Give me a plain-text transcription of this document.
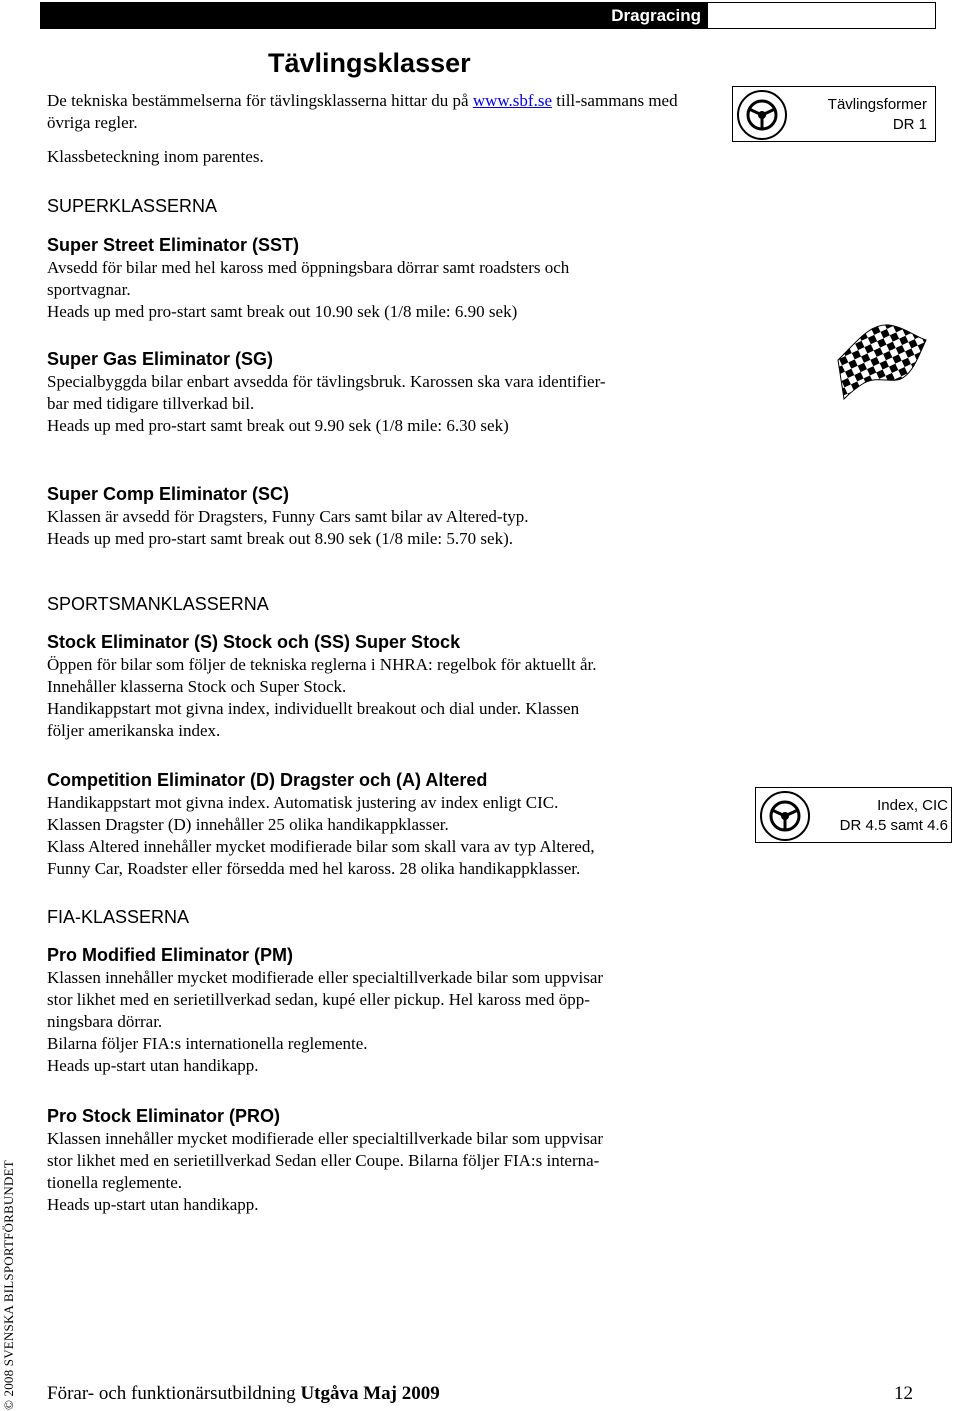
Dragracing
Tävlingsklasser
De tekniska bestämmelserna för tävlingsklasserna hittar du på www.sbf.se till-sammans med övriga regler.
Klassbeteckning inom parentes.
Tävlingsformer
DR 1
SUPERKLASSERNA
Super Street Eliminator (SST)

Avsedd för bilar med hel kaross med öppningsbara dörrar samt roadsters och

sportvagnar.

Heads up med pro-start samt break out 10.90 sek (1/8 mile: 6.90 sek)

Super Gas Eliminator (SG)

Specialbyggda bilar enbart avsedda för tävlingsbruk. Karossen ska vara identifier-

bar med tidigare tillverkad bil.

Heads up med pro-start samt break out 9.90 sek (1/8 mile: 6.30 sek)

Super Comp Eliminator (SC)

Klassen är avsedd för Dragsters, Funny Cars samt bilar av Altered-typ.

Heads up med pro-start samt break out 8.90 sek (1/8 mile: 5.70 sek).

SPORTSMANKLASSERNA
Stock Eliminator (S) Stock och (SS) Super Stock

Öppen för bilar som följer de tekniska reglerna i NHRA: regelbok för aktuellt år.

Innehåller klasserna Stock och Super Stock.

Handikappstart mot givna index, individuellt breakout och dial under. Klassen

följer amerikanska index.

Competition Eliminator (D) Dragster och (A) Altered

Handikappstart mot givna index. Automatisk justering av index enligt CIC.

Klassen Dragster (D) innehåller 25 olika handikappklasser.

Klass Altered innehåller mycket modifierade bilar som skall vara av typ Altered,

Funny Car, Roadster eller försedda med hel kaross. 28 olika handikappklasser.

Index, CIC
DR 4.5 samt 4.6
FIA-KLASSERNA
Pro Modified Eliminator (PM)

Klassen innehåller mycket modifierade eller specialtillverkade bilar som uppvisar

stor likhet med en serietillverkad sedan, kupé eller pickup. Hel kaross med öpp-

ningsbara dörrar.

Bilarna följer FIA:s internationella reglemente.

Heads up-start utan handikapp.

Pro Stock Eliminator (PRO)

Klassen innehåller mycket modifierade eller specialtillverkade bilar som uppvisar

stor likhet med en serietillverkad Sedan eller Coupe. Bilarna följer FIA:s interna-

tionella reglemente.

Heads up-start utan handikapp.

© 2008 SVENSKA BILSPORTFÖRBUNDET Förar- och funktionärsutbildning Utgåva Maj 2009	12
